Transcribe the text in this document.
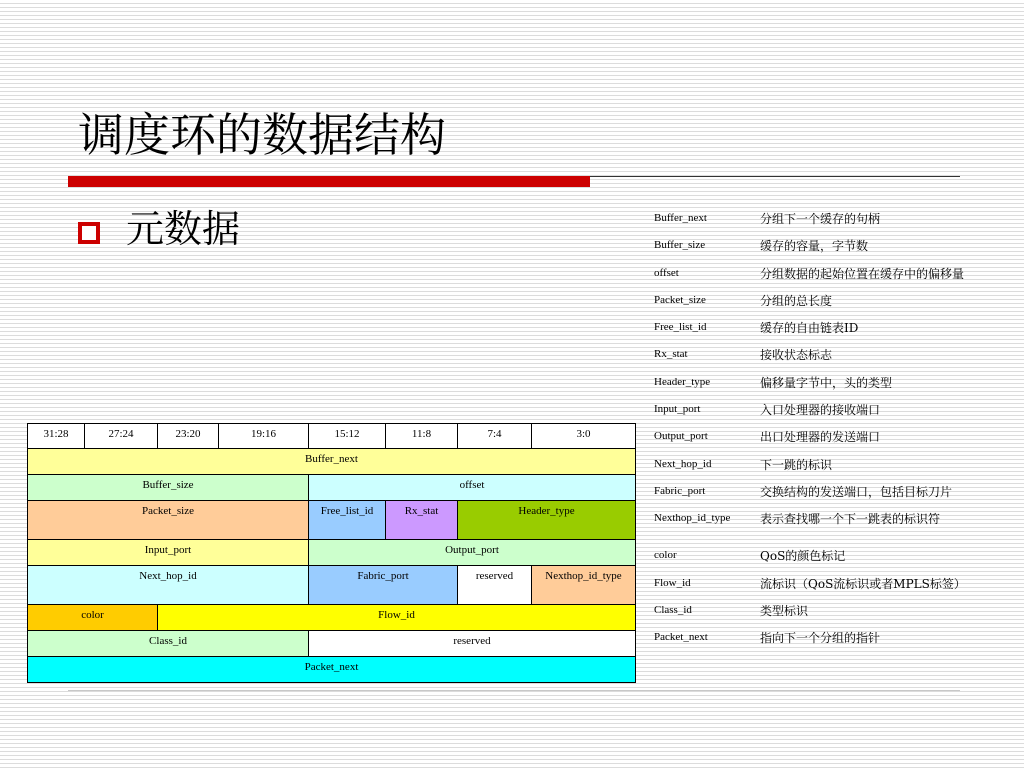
调度环的数据结构
元数据
31:28	27:24	23:20	19:16	15:12	11:8	7:4	3:0
Buffer_next							
Buffer_size				offset			
Packet_size				Free_list_id	Rx_stat	Header_type	
Input_port				Output_port			
Next_hop_id				Fabric_port		reserved	Nexthop_id_type
color		Flow_id					
Class_id				reserved			
Packet_next							
Buffer_next	分组下一个缓存的句柄
Buffer_size	缓存的容量，字节数
offset	分组数据的起始位置在缓存中的偏移量
Packet_size	分组的总长度
Free_list_id	缓存的自由链表ID
Rx_stat	接收状态标志
Header_type	偏移量字节中，头的类型
Input_port	入口处理器的接收端口
Output_port	出口处理器的发送端口
Next_hop_id	下一跳的标识
Fabric_port	交换结构的发送端口，包括目标刀片
Nexthop_id_type	表示查找哪一个下一跳表的标识符
color	QoS的颜色标记
Flow_id	流标识（QoS流标识或者MPLS标签）
Class_id	类型标识
Packet_next	指向下一个分组的指针
